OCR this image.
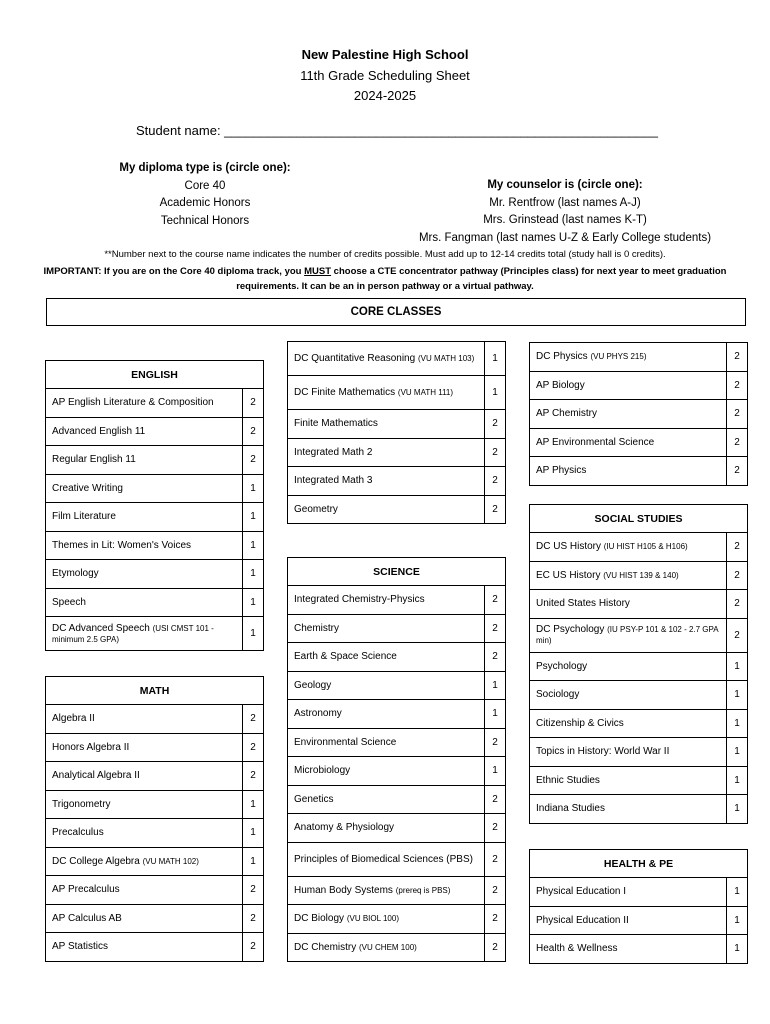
New Palestine High School
11th Grade Scheduling Sheet
2024-2025
Student name: ____________________________________________________________
My diploma type is (circle one):
Core 40
Academic Honors
Technical Honors
My counselor is (circle one):
Mr. Rentfrow (last names A-J)
Mrs. Grinstead (last names K-T)
Mrs. Fangman (last names U-Z & Early College students)
**Number next to the course name indicates the number of credits possible. Must add up to 12-14 credits total (study hall is 0 credits).
IMPORTANT: If you are on the Core 40 diploma track, you MUST choose a CTE concentrator pathway (Principles class) for next year to meet graduation requirements. It can be an in person pathway or a virtual pathway.
CORE CLASSES
ENGLISH	
AP English Literature & Composition	2
Advanced English 11	2
Regular English 11	2
Creative Writing	1
Film Literature	1
Themes in Lit: Women's Voices	1
Etymology	1
Speech	1
DC Advanced Speech (USI CMST 101 - minimum 2.5 GPA)	1
MATH	
Algebra II	2
Honors Algebra II	2
Analytical Algebra II	2
Trigonometry	1
Precalculus	1
DC College Algebra (VU MATH 102)	1
AP Precalculus	2
AP Calculus AB	2
AP Statistics	2
DC Quantitative Reasoning (VU MATH 103)	1
DC Finite Mathematics (VU MATH 111)	1
Finite Mathematics	2
Integrated Math 2	2
Integrated Math 3	2
Geometry	2
SCIENCE	
Integrated Chemistry-Physics	2
Chemistry	2
Earth & Space Science	2
Geology	1
Astronomy	1
Environmental Science	2
Microbiology	1
Genetics	2
Anatomy & Physiology	2
Principles of Biomedical Sciences (PBS)	2
Human Body Systems (prereq is PBS)	2
DC Biology (VU BIOL 100)	2
DC Chemistry (VU CHEM 100)	2
DC Physics (VU PHYS 215)	2
AP Biology	2
AP Chemistry	2
AP Environmental Science	2
AP Physics	2
SOCIAL STUDIES	
DC US History (IU HIST H105 & H106)	2
EC US History (VU HIST 139 & 140)	2
United States History	2
DC Psychology (IU PSY-P 101 & 102 - 2.7 GPA min)	2
Psychology	1
Sociology	1
Citizenship & Civics	1
Topics in History: World War II	1
Ethnic Studies	1
Indiana Studies	1
HEALTH & PE	
Physical Education I	1
Physical Education II	1
Health & Wellness	1
